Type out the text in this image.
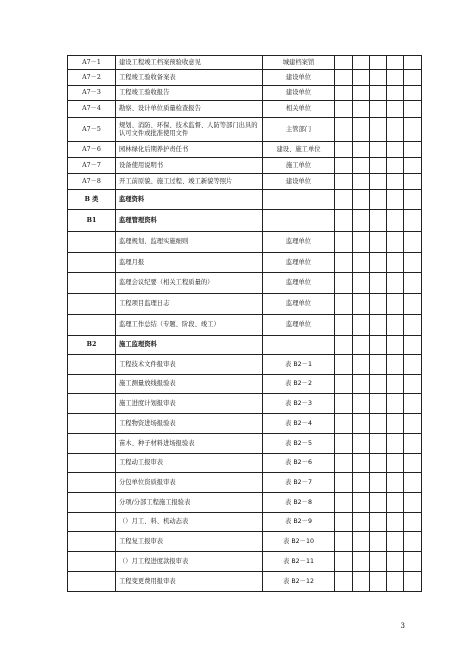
A7－1	建设工程竣工档案预验收意见	城建档案馆					
A7－2	工程竣工验收备案表	建设单位					
A7－3	工程竣工验收报告	建设单位					
A7－4	勘察、设计单位质量检查报告	相关单位					
A7－5	规划、消防、环保、技术监督、人防等部门出具的认可文件或批准使用文件	主管部门					
A7－6	园林绿化后期养护责任书	建设、施工单位					
A7－7	设备使用说明书	施工单位					
A7－8	开工前原貌、施工过程、竣工新貌等照片	建设单位					
B 类	监理资料						
B1	监理管理资料						
	监理规划、监理实施细则	监理单位					
	监理月报	监理单位					
	监理会议纪要（相关工程质量的）	监理单位					
	工程项目监理日志	监理单位					
	监理工作总结（专题、阶段、竣工）	监理单位					
B2	施工监理资料						
	工程技术文件报审表	表 B2－1					
	施工测量放线报验表	表 B2－2					
	施工进度计划报审表	表 B2－3					
	工程物资进场报验表	表 B2－4					
	苗木、种子材料进场报验表	表 B2－5					
	工程动工报审表	表 B2－6					
	分包单位资质报审表	表 B2－7					
	分项/分部工程施工报验表	表 B2－8					
	（）月工、料、机动态表	表 B2－9					
	工程复工报审表	表 B2－10					
	（）月工程进度款报审表	表 B2－11					
	工程变更费用报审表	表 B2－12					
3
